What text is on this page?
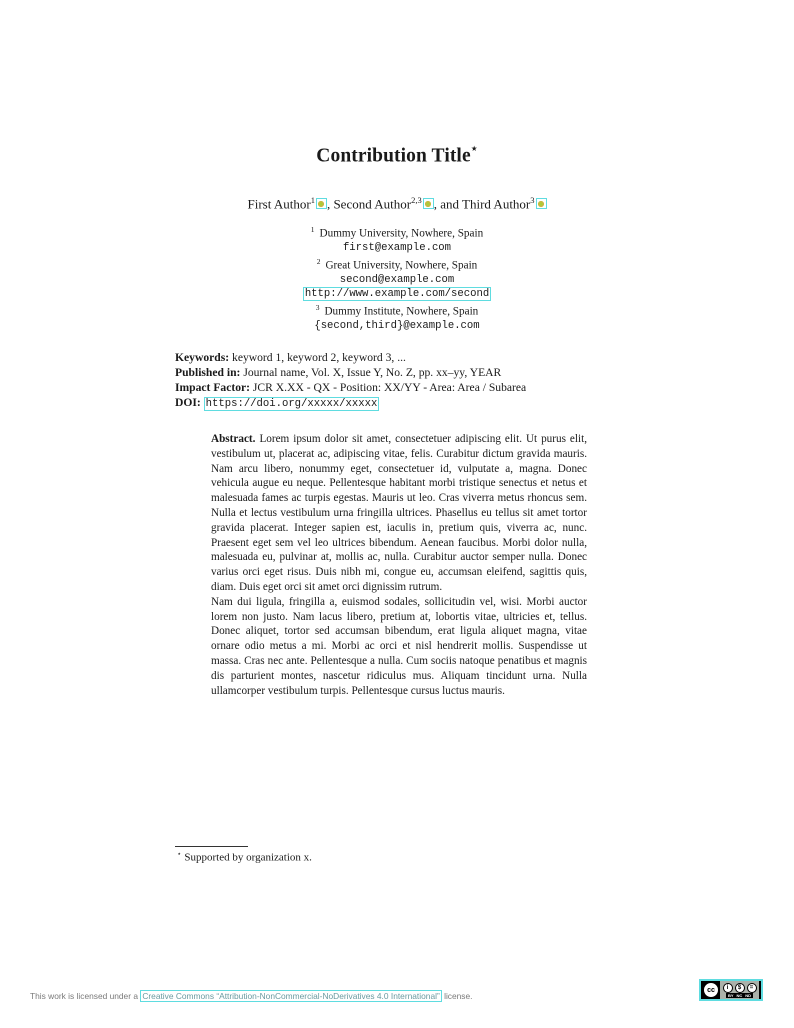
Contribution Title⋆
First Author$^1$ , Second Author$^{2,3}$ , and Third Author$^3$
$^1$ Dummy University, Nowhere, Spain
first@example.com
$^2$ Great University, Nowhere, Spain
second@example.com
http://www.example.com/second
$^3$ Dummy Institute, Nowhere, Spain
{second,third}@example.com
Keywords: keyword 1, keyword 2, keyword 3, ...
Published in: Journal name, Vol. X, Issue Y, No. Z, pp. xx–yy, YEAR
Impact Factor: JCR X.XX - QX - Position: XX/YY - Area: Area / Subarea
DOI: https://doi.org/xxxxx/xxxxx

Abstract. Lorem ipsum dolor sit amet, consectetuer adipiscing elit. Ut purus elit, vestibulum ut, placerat ac, adipiscing vitae, felis. Curabitur dictum gravida mauris. Nam arcu libero, nonummy eget, consectetuer id, vulputate a, magna. Donec vehicula augue eu neque. Pellentesque habitant morbi tristique senectus et netus et malesuada fames ac turpis egestas. Mauris ut leo. Cras viverra metus rhoncus sem. Nulla et lectus vestibulum urna fringilla ultrices. Phasellus eu tellus sit amet tortor gravida placerat. Integer sapien est, iaculis in, pretium quis, viverra ac, nunc. Praesent eget sem vel leo ultrices bibendum. Aenean faucibus. Morbi dolor nulla, malesuada eu, pulvinar at, mollis ac, nulla. Curabitur auctor semper nulla. Donec varius orci eget risus. Duis nibh mi, congue eu, accumsan eleifend, sagittis quis, diam. Duis eget orci sit amet orci dignissim rutrum.

Nam dui ligula, fringilla a, euismod sodales, sollicitudin vel, wisi. Morbi auctor lorem non justo. Nam lacus libero, pretium at, lobortis vitae, ultricies et, tellus. Donec aliquet, tortor sed accumsan bibendum, erat ligula aliquet magna, vitae ornare odio metus a mi. Morbi ac orci et nisl hendrerit mollis. Suspendisse ut massa. Cras nec ante. Pellentesque a nulla. Cum sociis natoque penatibus et magnis dis parturient montes, nascetur ridiculus mus. Aliquam tincidunt urna. Nulla ullamcorper vestibulum turpis. Pellentesque cursus luctus mauris.

⋆ Supported by organization x.
This work is licensed under a Creative Commons “Attribution-NonCommercial-NoDerivatives 4.0 International” license.
cc	i	$	=
BY NC ND
